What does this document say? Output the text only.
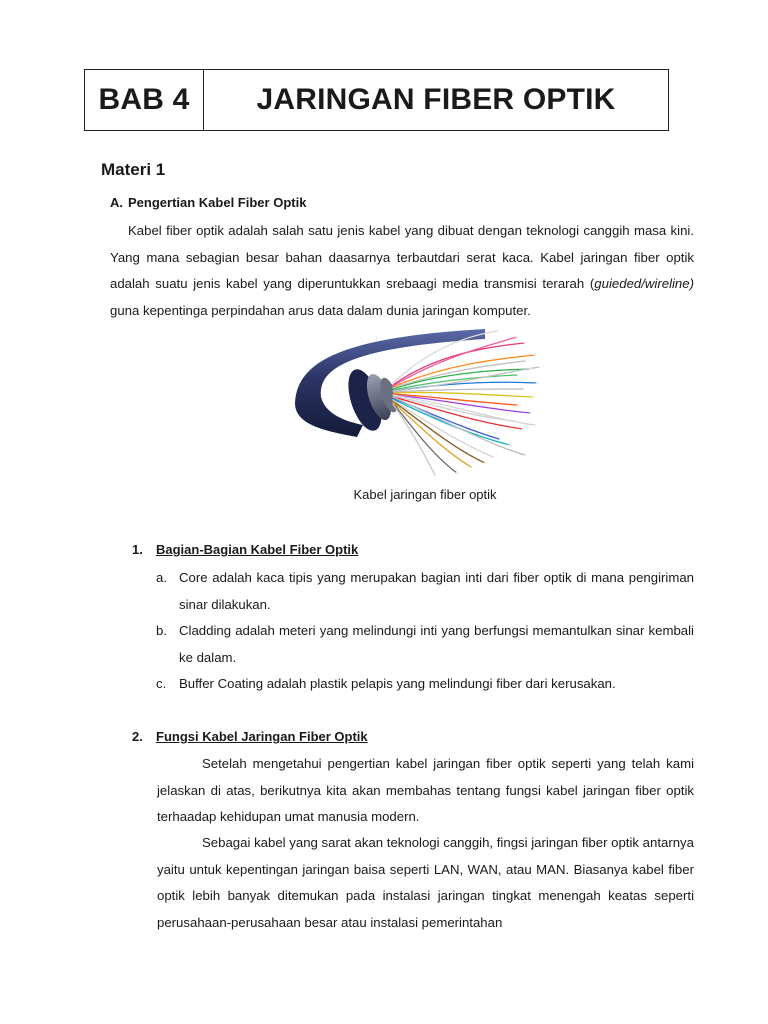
BAB 4	JARINGAN FIBER OPTIK
Materi 1
A. Pengertian Kabel Fiber Optik
Kabel fiber optik adalah salah satu jenis kabel yang dibuat dengan teknologi canggih masa kini. Yang mana sebagian besar bahan daasarnya terbautdari serat kaca. Kabel jaringan fiber optik adalah suatu jenis kabel yang diperuntukkan srebaagi media transmisi terarah (guieded/wireline) guna kepentinga perpindahan arus data dalam dunia jaringan komputer.
Kabel jaringan fiber optik
1. Bagian-Bagian Kabel Fiber Optik
a. Core adalah kaca tipis yang merupakan bagian inti dari fiber optik di mana pengiriman sinar dilakukan.
b. Cladding adalah meteri yang melindungi inti yang berfungsi memantulkan sinar kembali ke dalam.
c. Buffer Coating adalah plastik pelapis yang melindungi fiber dari kerusakan.
2. Fungsi Kabel Jaringan Fiber Optik
Setelah mengetahui pengertian kabel jaringan fiber optik seperti yang telah kami jelaskan di atas, berikutnya kita akan membahas tentang fungsi kabel jaringan fiber optik terhaadap kehidupan umat manusia modern.
Sebagai kabel yang sarat akan teknologi canggih, fingsi jaringan fiber optik antarnya yaitu untuk kepentingan jaringan baisa seperti LAN, WAN, atau MAN. Biasanya kabel fiber optik lebih banyak ditemukan pada instalasi jaringan tingkat menengah keatas seperti perusahaan-perusahaan besar atau instalasi pemerintahan
